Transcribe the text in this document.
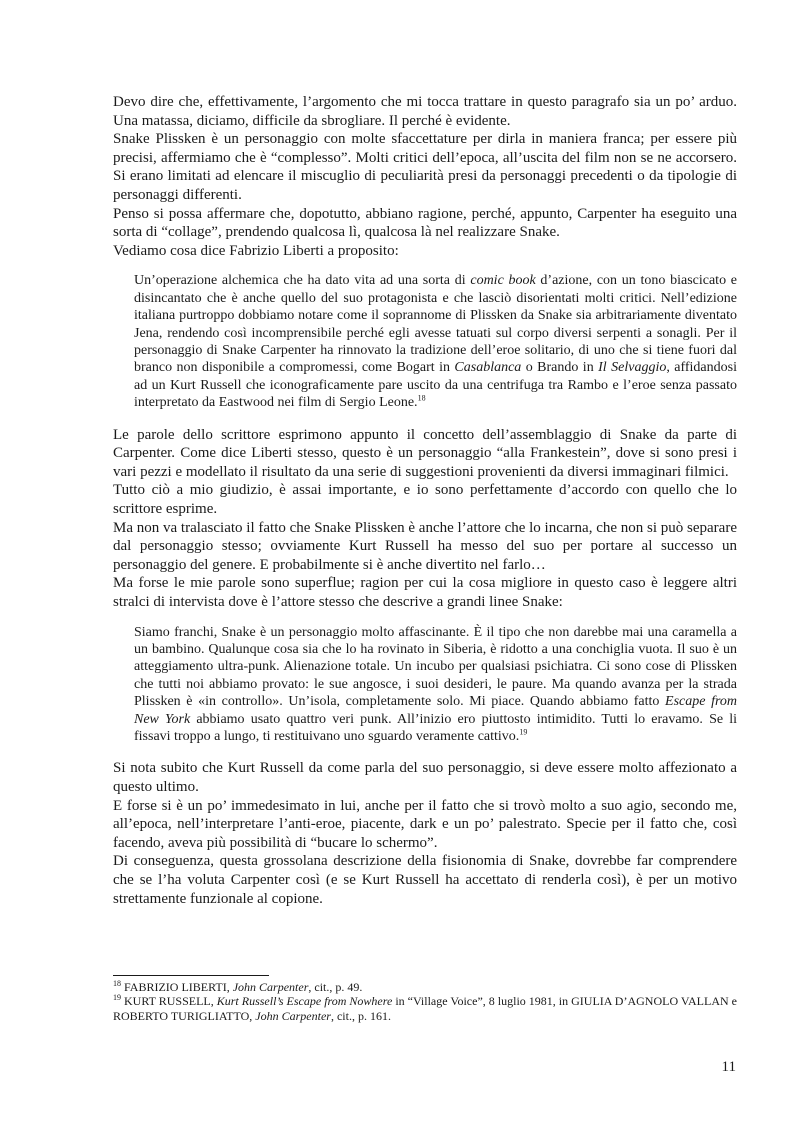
Devo dire che, effettivamente, l’argomento che mi tocca trattare in questo paragrafo sia un po’ arduo. Una matassa, diciamo, difficile da sbrogliare. Il perché è evidente.

Snake Plissken è un personaggio con molte sfaccettature per dirla in maniera franca; per essere più precisi, affermiamo che è “complesso”. Molti critici dell’epoca, all’uscita del film non se ne accorsero. Si erano limitati ad elencare il miscuglio di peculiarità presi da personaggi precedenti o da tipologie di personaggi differenti.

Penso si possa affermare che, dopotutto, abbiano ragione, perché, appunto, Carpenter ha eseguito una sorta di “collage”, prendendo qualcosa lì, qualcosa là nel realizzare Snake.

Vediamo cosa dice Fabrizio Liberti a proposito:

Un’operazione alchemica che ha dato vita ad una sorta di comic book d’azione, con un tono biascicato e disincantato che è anche quello del suo protagonista e che lasciò disorientati molti critici. Nell’edizione italiana purtroppo dobbiamo notare come il soprannome di Plissken da Snake sia arbitrariamente diventato Jena, rendendo così incomprensibile perché egli avesse tatuati sul corpo diversi serpenti a sonagli. Per il personaggio di Snake Carpenter ha rinnovato la tradizione dell’eroe solitario, di uno che si tiene fuori dal branco non disponibile a compromessi, come Bogart in Casablanca o Brando in Il Selvaggio, affidandosi ad un Kurt Russell che iconograficamente pare uscito da una centrifuga tra Rambo e l’eroe senza passato interpretato da Eastwood nei film di Sergio Leone.$^{18}$

Le parole dello scrittore esprimono appunto il concetto dell’assemblaggio di Snake da parte di Carpenter. Come dice Liberti stesso, questo è un personaggio “alla Frankestein”, dove si sono presi i vari pezzi e modellato il risultato da una serie di suggestioni provenienti da diversi immaginari filmici.

Tutto ciò a mio giudizio, è assai importante, e io sono perfettamente d’accordo con quello che lo scrittore esprime.

Ma non va tralasciato il fatto che Snake Plissken è anche l’attore che lo incarna, che non si può separare dal personaggio stesso; ovviamente Kurt Russell ha messo del suo per portare al successo un personaggio del genere. E probabilmente si è anche divertito nel farlo…

Ma forse le mie parole sono superflue; ragion per cui la cosa migliore in questo caso è leggere altri stralci di intervista dove è l’attore stesso che descrive a grandi linee Snake:

Siamo franchi, Snake è un personaggio molto affascinante. È il tipo che non darebbe mai una caramella a un bambino. Qualunque cosa sia che lo ha rovinato in Siberia, è ridotto a una conchiglia vuota. Il suo è un atteggiamento ultra-punk. Alienazione totale. Un incubo per qualsiasi psichiatra. Ci sono cose di Plissken che tutti noi abbiamo provato: le sue angosce, i suoi desideri, le paure. Ma quando avanza per la strada Plissken è «in controllo». Un’isola, completamente solo. Mi piace. Quando abbiamo fatto Escape from New York abbiamo usato quattro veri punk. All’inizio ero piuttosto intimidito. Tutti lo eravamo. Se li fissavi troppo a lungo, ti restituivano uno sguardo veramente cattivo.$^{19}$

Si nota subito che Kurt Russell da come parla del suo personaggio, si deve essere molto affezionato a questo ultimo.

E forse si è un po’ immedesimato in lui, anche per il fatto che si trovò molto a suo agio, secondo me, all’epoca, nell’interpretare l’anti-eroe, piacente, dark e un po’ palestrato. Specie per il fatto che, così facendo, aveva più possibilità di “bucare lo schermo”.

Di conseguenza, questa grossolana descrizione della fisionomia di Snake, dovrebbe far comprendere che se l’ha voluta Carpenter così (e se Kurt Russell ha accettato di renderla così), è per un motivo strettamente funzionale al copione.

$^{18}$ FABRIZIO LIBERTI, John Carpenter, cit., p. 49.

$^{19}$ KURT RUSSELL, Kurt Russell’s Escape from Nowhere in “Village Voice”, 8 luglio 1981, in GIULIA D’AGNOLO VALLAN e ROBERTO TURIGLIATTO, John Carpenter, cit., p. 161.

11
